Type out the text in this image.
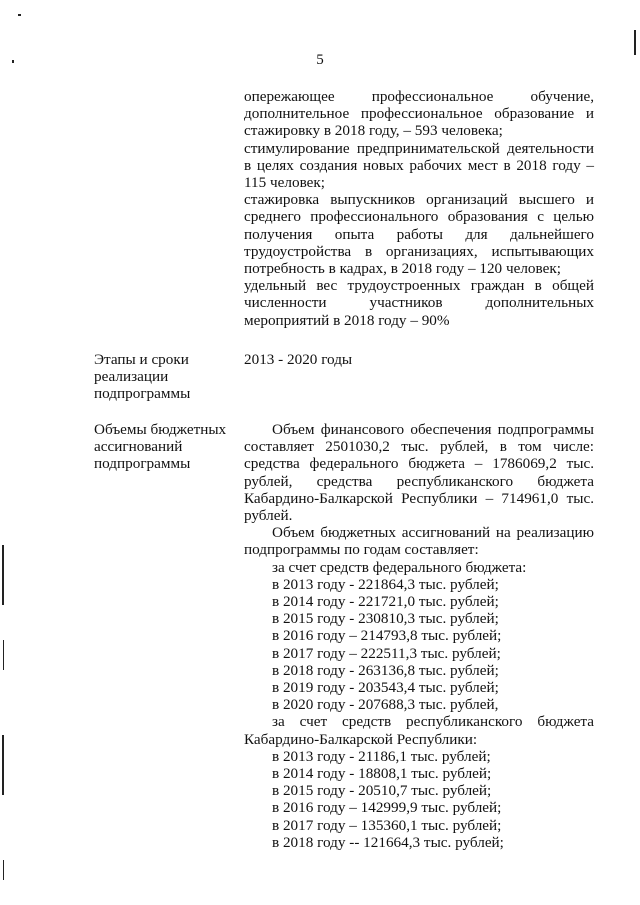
5
опережающее профессиональное обучение,
дополнительное профессиональное образование и
стажировку в 2018 году, – 593 человека;
стимулирование предпринимательской деятельности
в целях создания новых рабочих мест в 2018 году –
115 человек;
стажировка выпускников организаций высшего и
среднего профессионального образования с целью
получения опыта работы для дальнейшего
трудоустройства в организациях, испытывающих
потребность в кадрах, в 2018 году – 120 человек;
удельный вес трудоустроенных граждан в общей
численности участников дополнительных
мероприятий в 2018 году – 90%
Этапы и сроки
реализации
подпрограммы
2013 - 2020 годы
Объемы бюджетных
ассигнований
подпрограммы
Объем финансового обеспечения подпрограммы
составляет 2501030,2 тыс. рублей, в том числе:
средства федерального бюджета – 1786069,2 тыс.
рублей, средства республиканского бюджета
Кабардино-Балкарской Республики – 714961,0 тыс.
рублей.
Объем бюджетных ассигнований на реализацию
подпрограммы по годам составляет:
за счет средств федерального бюджета:
в 2013 году - 221864,3 тыс. рублей;
в 2014 году - 221721,0 тыс. рублей;
в 2015 году - 230810,3 тыс. рублей;
в 2016 году – 214793,8 тыс. рублей;
в 2017 году – 222511,3 тыс. рублей;
в 2018 году - 263136,8 тыс. рублей;
в 2019 году - 203543,4 тыс. рублей;
в 2020 году - 207688,3 тыс. рублей,
за счет средств республиканского бюджета
Кабардино-Балкарской Республики:
в 2013 году - 21186,1 тыс. рублей;
в 2014 году - 18808,1 тыс. рублей;
в 2015 году - 20510,7 тыс. рублей;
в 2016 году – 142999,9 тыс. рублей;
в 2017 году – 135360,1 тыс. рублей;
в 2018 году -- 121664,3 тыс. рублей;
